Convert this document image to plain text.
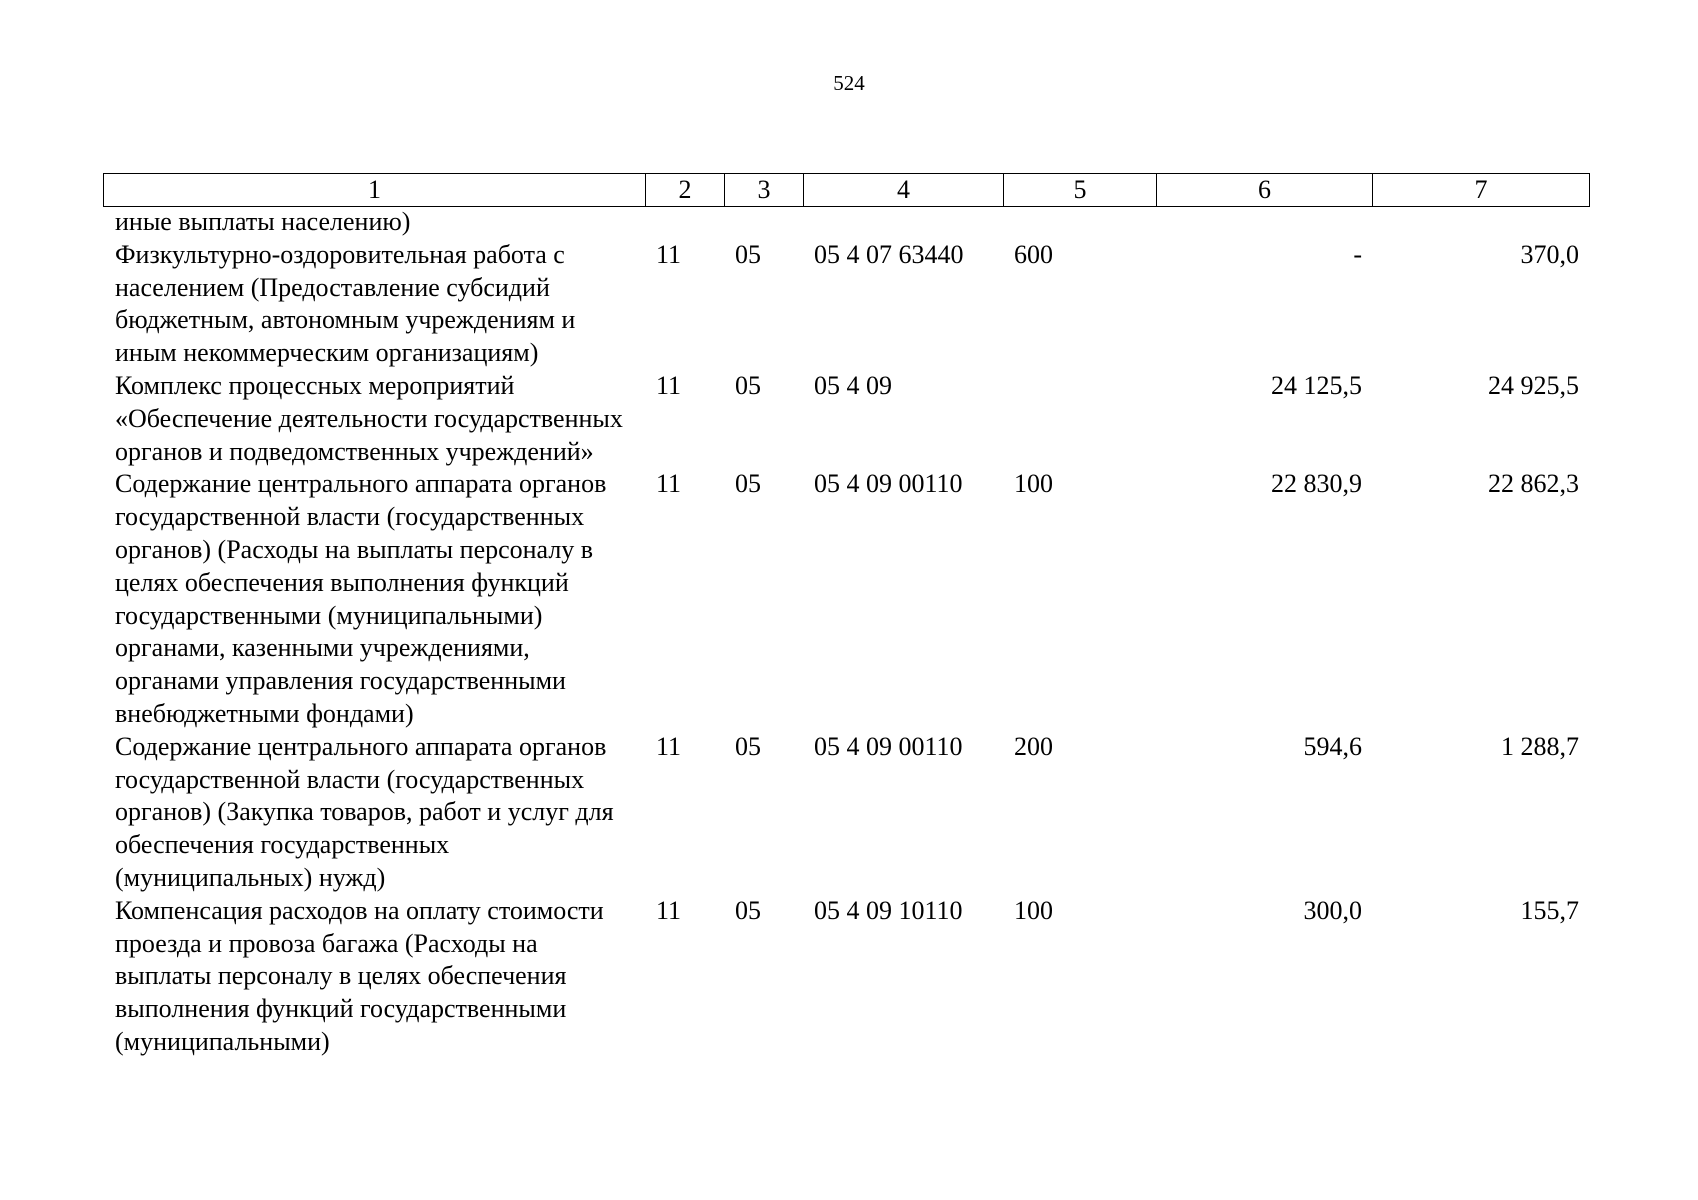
524
1	2	3	4	5	6	7
иные выплаты населению)						
Физкультурно-оздоровительная работа с населением (Предоставление субсидий бюджетным, автономным учреждениям и иным некоммерческим организациям)	11	05	05 4 07 63440	600	-	370,0
Комплекс процессных мероприятий «Обеспечение деятельности государственных органов и подведомственных учреждений»	11	05	05 4 09		24 125,5	24 925,5
Содержание центрального аппарата органов государственной власти (государственных органов) (Расходы на выплаты персоналу в целях обеспечения выполнения функций государственными (муниципальными) органами, казенными учреждениями, органами управления государственными внебюджетными фондами)	11	05	05 4 09 00110	100	22 830,9	22 862,3
Содержание центрального аппарата органов государственной власти (государственных органов) (Закупка товаров, работ и услуг для обеспечения государственных (муниципальных) нужд)	11	05	05 4 09 00110	200	594,6	1 288,7
Компенсация расходов на оплату стоимости проезда и провоза багажа (Расходы на выплаты персоналу в целях обеспечения выполнения функций государственными (муниципальными)	11	05	05 4 09 10110	100	300,0	155,7
